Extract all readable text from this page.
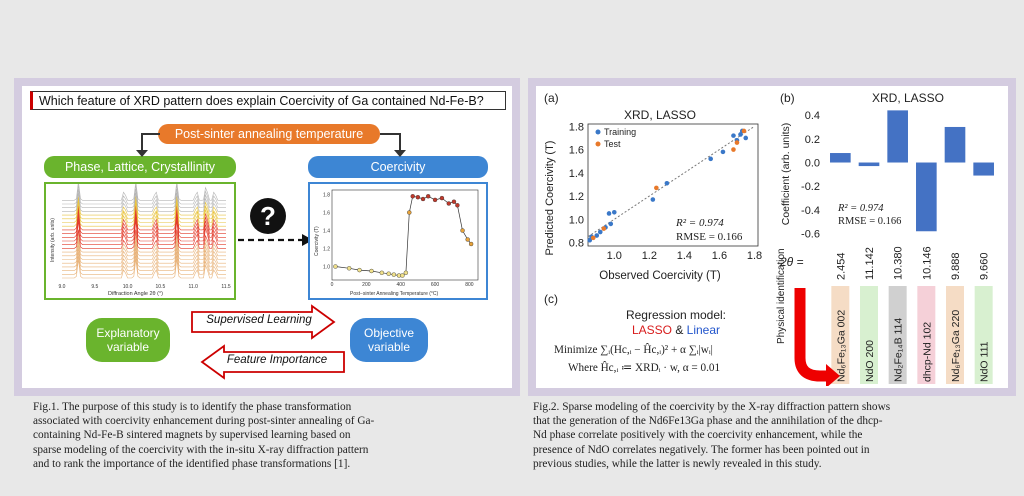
Which feature of XRD pattern does explain Coercivity of Ga contained Nd-Fe-B?
Post-sinter annealing temperature
Phase, Lattice, Crystallinity	Coercivity
Intensity (arb. units)
Diffraction Angle 2θ (°)
9.0	9.5	10.0	10.5	11.0	11.5
?
Coercivity (T)
Post−sinter Annealing Temperature (°C)
0	200	400	600	800
1.0
1.2
1.4
1.6
1.8
Explanatory variable
Objective variable
Supervised Learning
Feature Importance
Fig.1. The purpose of this study is to identify the phase transformation
associated with coercivity enhancement during post-sinter annealing of Ga-
containing Nd-Fe-B sintered magnets by supervised learning based on
sparse modeling of the coercivity with the in-situ X-ray diffraction pattern
and to rank the importance of the identified phase transformations [1].
(a)
XRD, LASSO
Observed Coercivity (T)
Predicted Coercivity (T)
1.0 1.2 1.4 1.6 1.8
0.8
1.0
1.2
1.4
1.6
1.8 Training
Test
R² = 0.974
RMSE = 0.166
(b)	XRD, LASSO
Coefficient (arb. units)
0.4
0.2
0.0
-0.2
-0.4
-0.6
R² = 0.974
RMSE = 0.166
2θ =	2.454 11.142 10.380 10.146 9.888 9.660
Nd₆Fe₁₃Ga 002 NdO 200 Nd₂Fe₁₄B 114 dhcp-Nd 102 Nd₆Fe₁₃Ga 220 NdO 111
Physical identification
(c)
Regression model:
LASSO & Linear
Minimize ∑ᵢ(Hc,ᵢ − Ĥc,ᵢ)² + α ∑ᵢ|wᵢ|
Where Ĥc,ᵢ ≔ XRDᵢ · w, α = 0.01
Fig.2. Sparse modeling of the coercivity by the X-ray diffraction pattern shows
that the generation of the Nd6Fe13Ga phase and the annihilation of the dhcp-
Nd phase correlate positively with the coercivity enhancement, while the
presence of NdO correlates negatively. The former has been pointed out in
previous studies, while the latter is newly revealed in this study.
